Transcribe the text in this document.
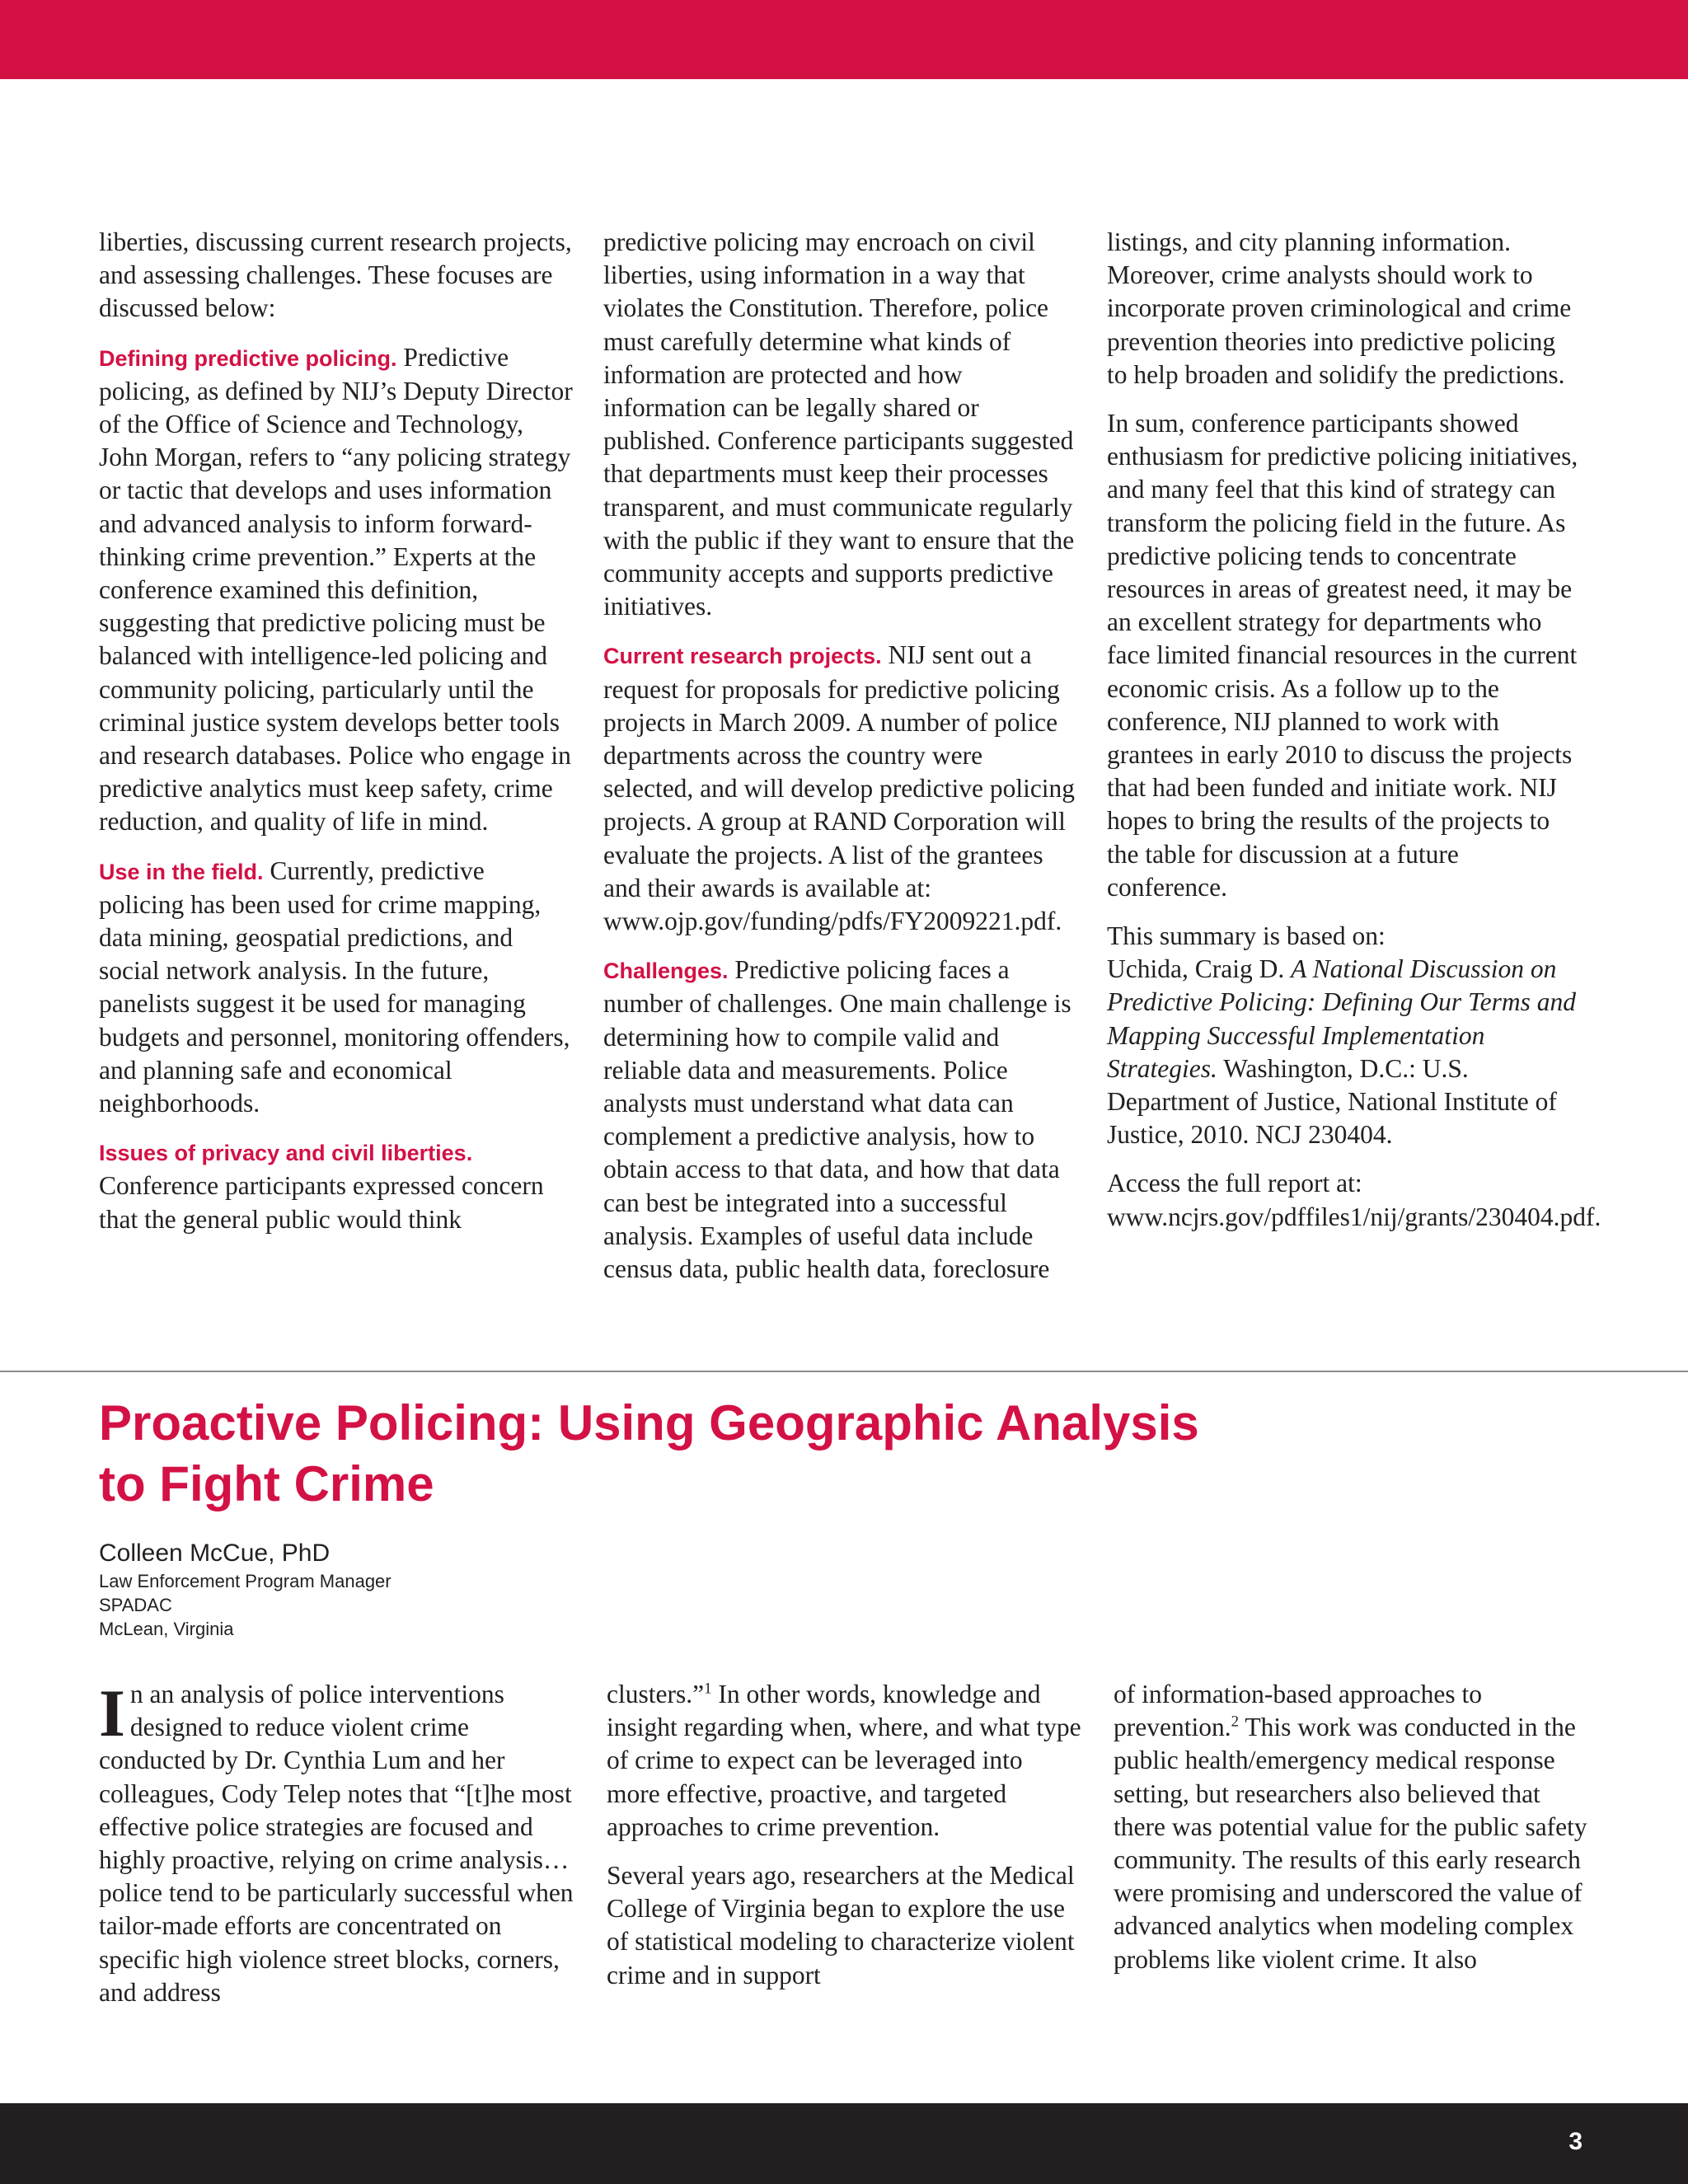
liberties, discussing current research projects, and assessing challenges. These focuses are discussed below:

Defining predictive policing. Predictive policing, as defined by NIJ’s Deputy Director of the Office of Science and Technology, John Morgan, refers to “any policing strategy or tactic that develops and uses information and advanced analysis to inform forward-thinking crime prevention.” Experts at the conference examined this definition, suggesting that predictive policing must be balanced with intelligence-led policing and community policing, particularly until the criminal justice system develops better tools and research databases. Police who engage in predictive analytics must keep safety, crime reduction, and quality of life in mind.

Use in the field. Currently, predictive policing has been used for crime mapping, data mining, geospatial predictions, and social network analysis. In the future, panelists suggest it be used for managing budgets and personnel, monitoring offenders, and planning safe and economical neighborhoods.

Issues of privacy and civil liberties.
Conference participants expressed concern that the general public would think

predictive policing may encroach on civil liberties, using information in a way that violates the Constitution. Therefore, police must carefully determine what kinds of information are protected and how information can be legally shared or published. Conference participants suggested that departments must keep their processes transparent, and must communicate regularly with the public if they want to ensure that the community accepts and supports predictive initiatives.

Current research projects. NIJ sent out a request for proposals for predictive policing projects in March 2009. A number of police departments across the country were selected, and will develop predictive policing projects. A group at RAND Corporation will evaluate the projects. A list of the grantees and their awards is available at: www.ojp.gov/funding/pdfs/FY2009221.pdf.

Challenges. Predictive policing faces a number of challenges. One main challenge is determining how to compile valid and reliable data and measurements. Police analysts must understand what data can complement a predictive analysis, how to obtain access to that data, and how that data can best be integrated into a successful analysis. Examples of useful data include census data, public health data, foreclosure

listings, and city planning information. Moreover, crime analysts should work to incorporate proven criminological and crime prevention theories into predictive policing to help broaden and solidify the predictions.

In sum, conference participants showed enthusiasm for predictive policing initiatives, and many feel that this kind of strategy can transform the policing field in the future. As predictive policing tends to concentrate resources in areas of greatest need, it may be an excellent strategy for departments who face limited financial resources in the current economic crisis. As a follow up to the conference, NIJ planned to work with grantees in early 2010 to discuss the projects that had been funded and initiate work. NIJ hopes to bring the results of the projects to the table for discussion at a future conference.

This summary is based on:
Uchida, Craig D. A National Discussion on Predictive Policing: Defining Our Terms and Mapping Successful Implementation Strategies. Washington, D.C.: U.S. Department of Justice, National Institute of Justice, 2010. NCJ 230404.

Access the full report at: www.ncjrs.gov/pdffiles1/nij/grants/230404.pdf.

Proactive Policing: Using Geographic Analysis to Fight Crime
Colleen McCue, PhD
Law Enforcement Program Manager
SPADAC
McLean, Virginia

In an analysis of police interventions designed to reduce violent crime conducted by Dr. Cynthia Lum and her colleagues, Cody Telep notes that “[t]he most effective police strategies are focused and highly proactive, relying on crime analysis…police tend to be particularly successful when tailor-made efforts are concentrated on specific high violence street blocks, corners, and address

clusters.”$^1$ In other words, knowledge and insight regarding when, where, and what type of crime to expect can be leveraged into more effective, proactive, and targeted approaches to crime prevention.

Several years ago, researchers at the Medical College of Virginia began to explore the use of statistical modeling to characterize violent crime and in support

of information-based approaches to prevention.$^2$ This work was conducted in the public health/emergency medical response setting, but researchers also believed that there was potential value for the public safety community. The results of this early research were promising and underscored the value of advanced analytics when modeling complex problems like violent crime. It also

3
